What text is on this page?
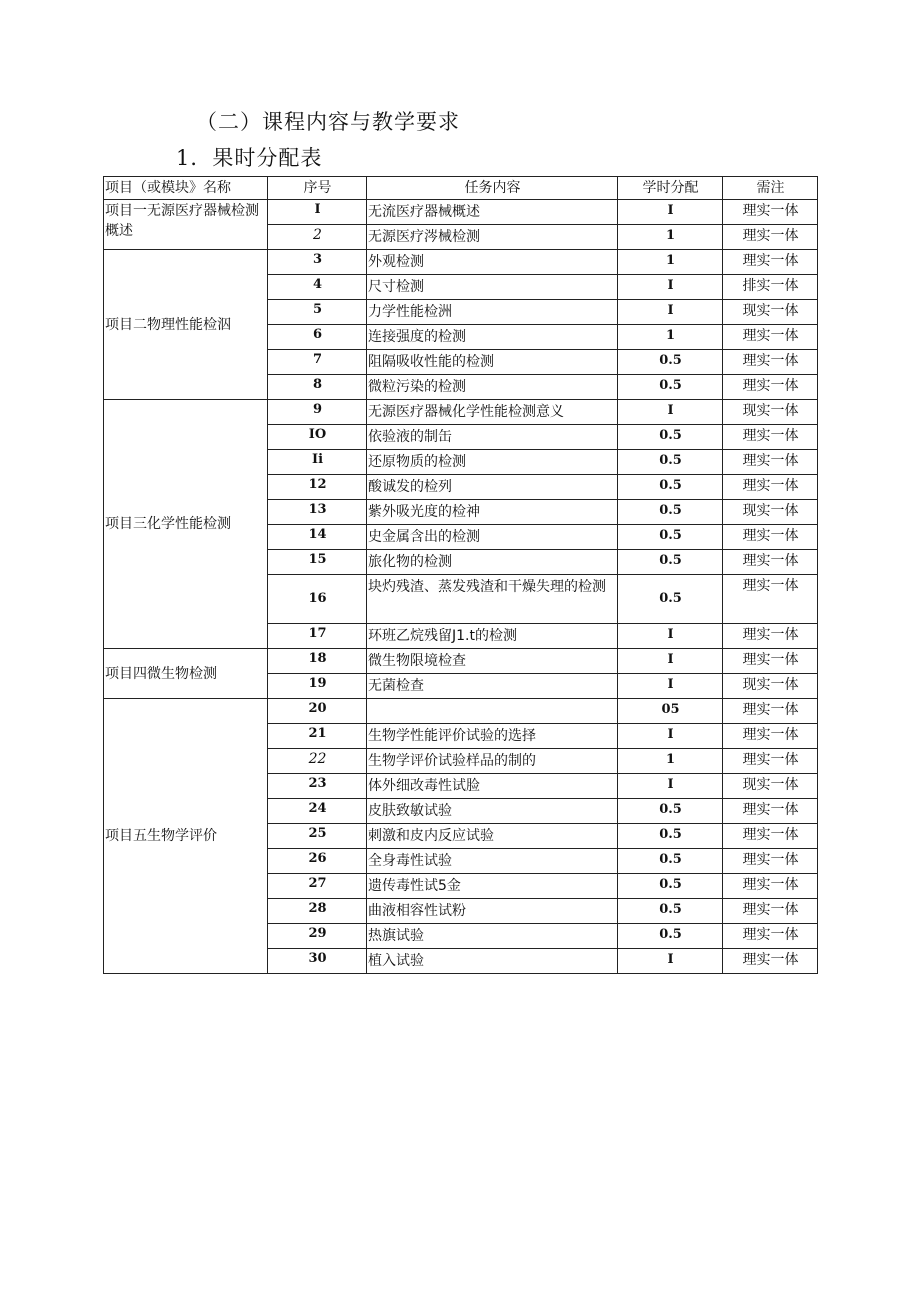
（二）课程内容与教学要求
1．果时分配表
项目（或模块》名称	序号	任务内容	学时分配	需注
项目一无源医疗器械检测概述	I	无流医疗器械概述	I	理实一体
	2	无源医疗涔械检测	1	理实一体
项目二物理性能检泅	3	外观检测	1	理实一体
	4	尺寸检测	I	排实一体
	5	力学性能检洲	I	现实一体
	6	连接强度的检测	1	理实一体
	7	阻隔吸收性能的检测	0.5	理实一体
	8	微粒污染的检测	0.5	理实一体
项目三化学性能检测	9	无源医疗器械化学性能检测意义	I	现实一体
	IO	依验液的制缶	0.5	理实一体
	Ii	还原物质的检测	0.5	理实一体
	12	酸诚发的检列	0.5	理实一体
	13	紫外吸光度的检神	0.5	现实一体
	14	史金属含出的检测	0.5	理实一体
	15	旅化物的检测	0.5	理实一体
	16	块灼残渣、蒸发残渣和干燥失理的检测	0.5	理实一体
	17	环班乙烷残留J1.t的检测	I	理实一体
项目四微生物检测	18	微生物限境检查	I	理实一体
	19	无菌检查	I	现实一体
项目五生物学评价	20		05	理实一体
	21	生物学性能评价试验的选择	I	理实一体
	22	生物学评价试验样品的制的	1	理实一体
	23	体外细改毒性试脸	I	现实一体
	24	皮肤致敏试验	0.5	理实一体
	25	刺激和皮内反应试验	0.5	理实一体
	26	全身毒性试验	0.5	理实一体
	27	遗传毒性试5金	0.5	理实一体
	28	曲液相容性试粉	0.5	理实一体
	29	热旗试验	0.5	理实一体
	30	植入试验	I	理实一体
